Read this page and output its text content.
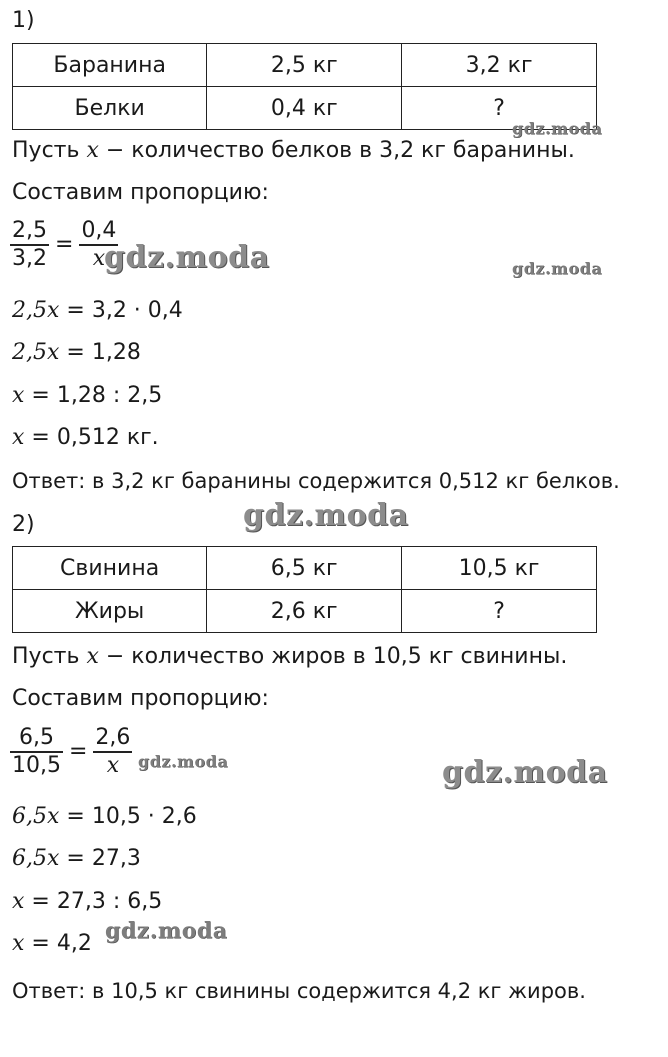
1)
Баранина	2,5 кг	3,2 кг
Белки	0,4 кг	?
Пусть x − количество белков в 3,2 кг баранины.
Составим пропорцию:
$\frac{2,5}{3,2} = \frac{0,4}{x}$
2,5x = 3,2 · 0,4
2,5x = 1,28
x = 1,28 : 2,5
x = 0,512 кг.
Ответ: в 3,2 кг баранины содержится 0,512 кг белков.
2)
Свинина	6,5 кг	10,5 кг
Жиры	2,6 кг	?
Пусть x − количество жиров в 10,5 кг свинины.
Составим пропорцию:
$\frac{6,5}{10,5} = \frac{2,6}{x}$
6,5x = 10,5 · 2,6
6,5x = 27,3
x = 27,3 : 6,5
x = 4,2
Ответ: в 10,5 кг свинины содержится 4,2 кг жиров.
gdz.moda
gdz.moda	gdz.moda
gdz.moda
gdz.moda	gdz.moda
gdz.moda
